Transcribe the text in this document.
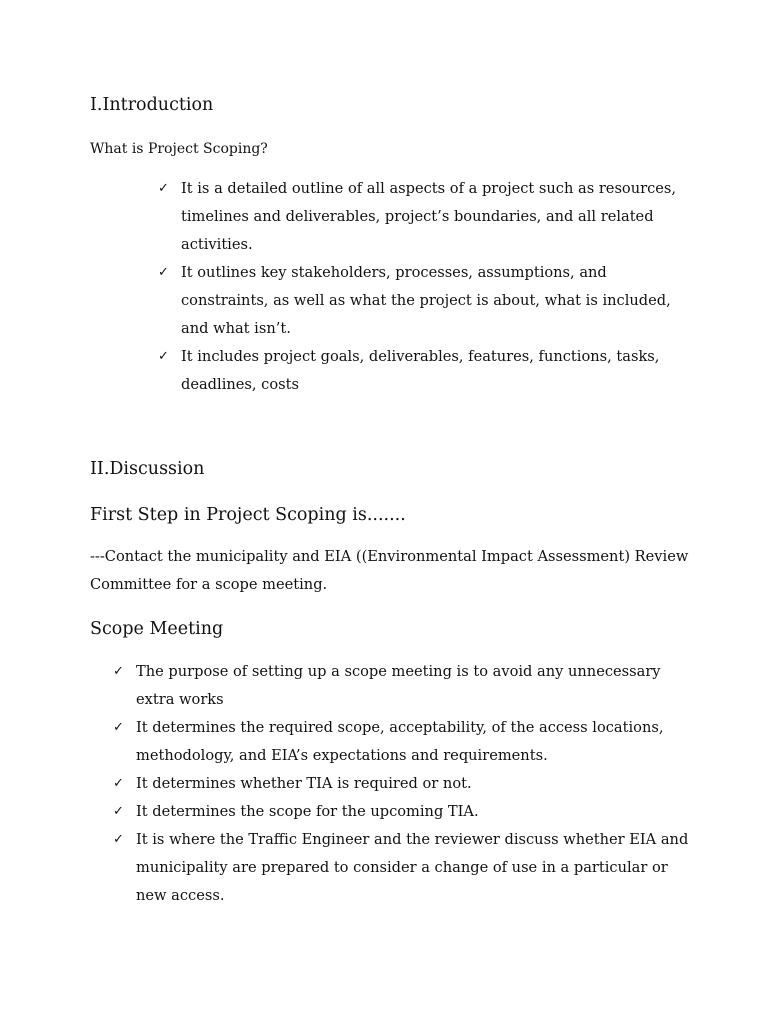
I.Introduction
What is Project Scoping?
✓ It is a detailed outline of all aspects of a project such as resources, timelines and deliverables, project’s boundaries, and all related activities.
✓ It outlines key stakeholders, processes, assumptions, and constraints, as well as what the project is about, what is included, and what isn’t.
✓ It includes project goals, deliverables, features, functions, tasks, deadlines, costs
II.Discussion
First Step in Project Scoping is.......

---Contact the municipality and EIA ((Environmental Impact Assessment) Review Committee for a scope meeting.

Scope Meeting
✓ The purpose of setting up a scope meeting is to avoid any unnecessary extra works
✓ It determines the required scope, acceptability, of the access locations, methodology, and EIA’s expectations and requirements.
✓ It determines whether TIA is required or not.
✓ It determines the scope for the upcoming TIA.
✓ It is where the Traffic Engineer and the reviewer discuss whether EIA and municipality are prepared to consider a change of use in a particular or new access.
